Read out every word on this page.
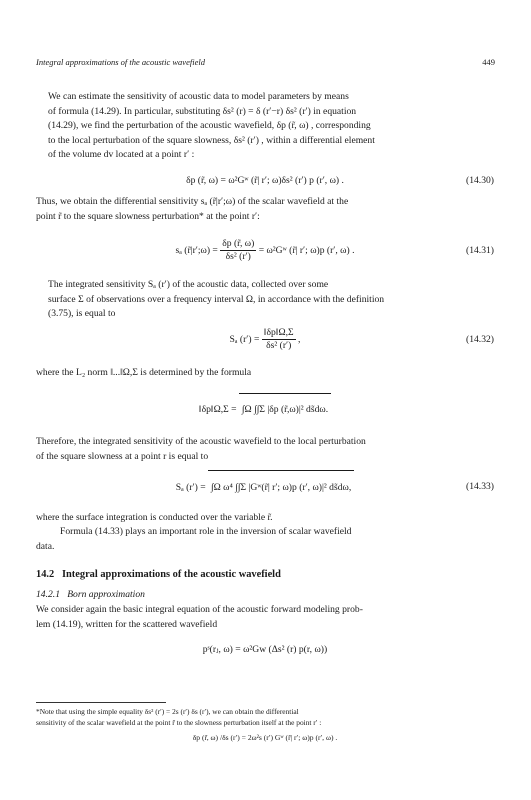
Integral approximations of the acoustic wavefield	449
We can estimate the sensitivity of acoustic data to model parameters by means
of formula (14.29). In particular, substituting δs² (r) = δ (r′−r) δs² (r′) in equation
(14.29), we find the perturbation of the acoustic wavefield, δp (r̃, ω) , corresponding
to the local perturbation of the square slowness, δs² (r′) , within a differential element
of the volume dv located at a point r′ :
δp (r̃, ω) = ω²Gʷ (r̃| r′; ω)δs² (r′) p (r′, ω) .	(14.30)
Thus, we obtain the differential sensitivity sₐ (r̃|r′;ω) of the scalar wavefield at the
point r̃ to the square slowness perturbation* at the point r′:
sₐ (r̃|r′;ω) = $\frac{\delta p (r̃, \omega)}{\text{δs² (r′)}}$ = ω²Gʷ (r̃| r′; ω)p (r′, ω) .	(14.31)
The integrated sensitivity Sₐ (r′) of the acoustic data, collected over some
surface Σ of observations over a frequency interval Ω, in accordance with the definition
(3.75), is equal to
Sₐ $(r') = \frac{‖\delta p‖\Omega,\Sigma}{\text{δs² (r′)}}$ ,	(14.32)
where the L₂ norm ‖...‖Ω,Σ is determined by the formula
‖δp‖Ω,Σ = ∫Ω ∫∫Σ |δp (r̃,ω)|² ds̃dω.
Therefore, the integrated sensitivity of the acoustic wavefield to the local perturbation
of the square slowness at a point r is equal to
Sₐ (r′) = ∫Ω ω⁴ ∫∫Σ |Gʷ(r̃| r′; ω)p (r′, ω)|² ds̃dω,	(14.33)
where the surface integration is conducted over the variable r̃.
Formula (14.33) plays an important role in the inversion of scalar wavefield
data.
14.2 Integral approximations of the acoustic wavefield
14.2.1 Born approximation
We consider again the basic integral equation of the acoustic forward modeling prob-
lem (14.19), written for the scattered wavefield
pˢ(rⱼ, ω) = ω²Gᴡ (Δs² (r) p(r, ω))
*Note that using the simple equality δs² (r′) = 2s (r′) δs (r′), we can obtain the differential
sensitivity of the scalar wavefield at the point r̃ to the slowness perturbation itself at the point r′ :
δp (r̃, ω) /δs (r′) = 2ω²s (r′) Gʷ (r̃| r′; ω)p (r′, ω) .
